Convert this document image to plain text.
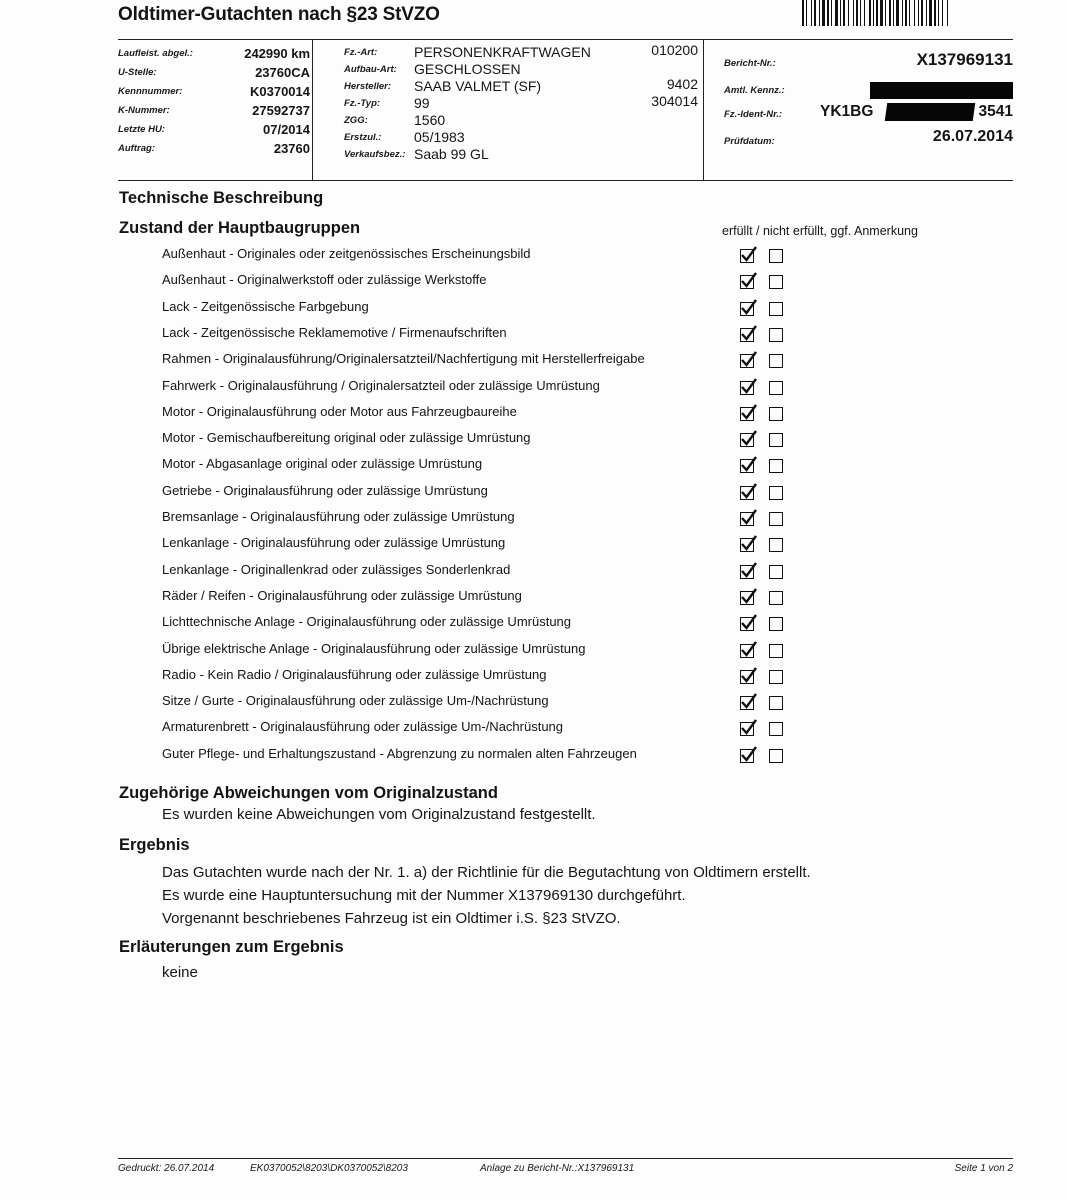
Oldtimer-Gutachten nach §23 StVZO
Laufleist. abgel.:	242990 km
U-Stelle:	23760CA
Kennnummer:	K0370014
K-Nummer:	27592737
Letzte HU:	07/2014
Auftrag:	23760
Fz.-Art:	PERSONENKRAFTWAGEN	010200
Aufbau-Art: GESCHLOSSEN
Hersteller: SAAB VALMET (SF)	9402
Fz.-Typ: 99	304014
ZGG:	1560
Erstzul.: 05/1983
Verkaufsbez.: Saab 99 GL
Bericht-Nr.:	X137969131
Amtl. Kennz.:
Fz.-Ident-Nr.: YK1BG	3541
Prüfdatum:	26.07.2014
Technische Beschreibung
Zustand der Hauptbaugruppen	erfüllt / nicht erfüllt, ggf. Anmerkung
Außenhaut - Originales oder zeitgenössisches Erscheinungsbild
Außenhaut - Originalwerkstoff oder zulässige Werkstoffe
Lack - Zeitgenössische Farbgebung
Lack - Zeitgenössische Reklamemotive / Firmenaufschriften
Rahmen - Originalausführung/Originalersatzteil/Nachfertigung mit Herstellerfreigabe
Fahrwerk - Originalausführung / Originalersatzteil oder zulässige Umrüstung
Motor - Originalausführung oder Motor aus Fahrzeugbaureihe
Motor - Gemischaufbereitung original oder zulässige Umrüstung
Motor - Abgasanlage original oder zulässige Umrüstung
Getriebe - Originalausführung oder zulässige Umrüstung
Bremsanlage - Originalausführung oder zulässige Umrüstung
Lenkanlage - Originalausführung oder zulässige Umrüstung
Lenkanlage - Originallenkrad oder zulässiges Sonderlenkrad
Räder / Reifen - Originalausführung oder zulässige Umrüstung
Lichttechnische Anlage - Originalausführung oder zulässige Umrüstung
Übrige elektrische Anlage - Originalausführung oder zulässige Umrüstung
Radio - Kein Radio / Originalausführung oder zulässige Umrüstung
Sitze / Gurte - Originalausführung oder zulässige Um-/Nachrüstung
Armaturenbrett - Originalausführung oder zulässige Um-/Nachrüstung
Guter Pflege- und Erhaltungszustand - Abgrenzung zu normalen alten Fahrzeugen
Zugehörige Abweichungen vom Originalzustand
Es wurden keine Abweichungen vom Originalzustand festgestellt.
Ergebnis
Das Gutachten wurde nach der Nr. 1. a) der Richtlinie für die Begutachtung von Oldtimern erstellt.
Es wurde eine Hauptuntersuchung mit der Nummer X137969130 durchgeführt.
Vorgenannt beschriebenes Fahrzeug ist ein Oldtimer i.S. §23 StVZO.
Erläuterungen zum Ergebnis
keine
Gedruckt: 26.07.2014	EK0370052\8203\DK0370052\8203	Anlage zu Bericht-Nr.:X137969131	Seite 1 von 2
